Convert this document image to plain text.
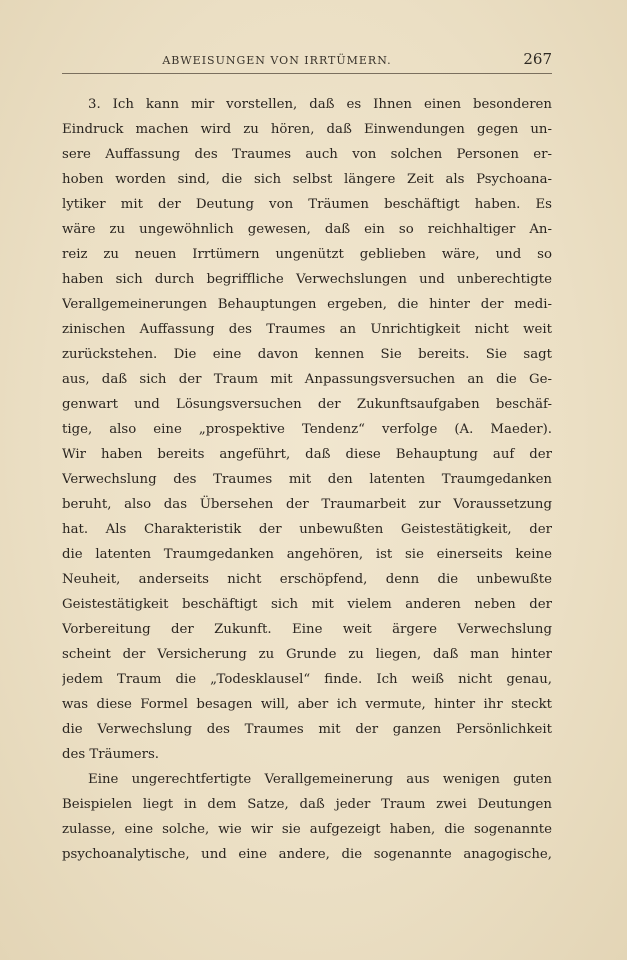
ABWEISUNGEN VON IRRTÜMERN.	267
3. Ich kann mir vorstellen, daß es Ihnen einen besonderen
Eindruck machen wird zu hören, daß Einwendungen gegen un-
sere Auffassung des Traumes auch von solchen Personen er-
hoben worden sind, die sich selbst längere Zeit als Psychoana-
lytiker mit der Deutung von Träumen beschäftigt haben. Es
wäre zu ungewöhnlich gewesen, daß ein so reichhaltiger An-
reiz zu neuen Irrtümern ungenützt geblieben wäre, und so
haben sich durch begriffliche Verwechslungen und unberechtigte
Verallgemeinerungen Behauptungen ergeben, die hinter der medi-
zinischen Auffassung des Traumes an Unrichtigkeit nicht weit
zurückstehen. Die eine davon kennen Sie bereits. Sie sagt
aus, daß sich der Traum mit Anpassungsversuchen an die Ge-
genwart und Lösungsversuchen der Zukunftsaufgaben beschäf-
tige, also eine „prospektive Tendenz“ verfolge (A. Maeder).
Wir haben bereits angeführt, daß diese Behauptung auf der
Verwechslung des Traumes mit den latenten Traumgedanken
beruht, also das Übersehen der Traumarbeit zur Voraussetzung
hat. Als Charakteristik der unbewußten Geistestätigkeit, der
die latenten Traumgedanken angehören, ist sie einerseits keine
Neuheit, anderseits nicht erschöpfend, denn die unbewußte
Geistestätigkeit beschäftigt sich mit vielem anderen neben der
Vorbereitung der Zukunft. Eine weit ärgere Verwechslung
scheint der Versicherung zu Grunde zu liegen, daß man hinter
jedem Traum die „Todesklausel“ finde. Ich weiß nicht genau,
was diese Formel besagen will, aber ich vermute, hinter ihr steckt
die Verwechslung des Traumes mit der ganzen Persönlichkeit
des Träumers.
Eine ungerechtfertigte Verallgemeinerung aus wenigen guten
Beispielen liegt in dem Satze, daß jeder Traum zwei Deutungen
zulasse, eine solche, wie wir sie aufgezeigt haben, die sogenannte
psychoanalytische, und eine andere, die sogenannte anagogische,
